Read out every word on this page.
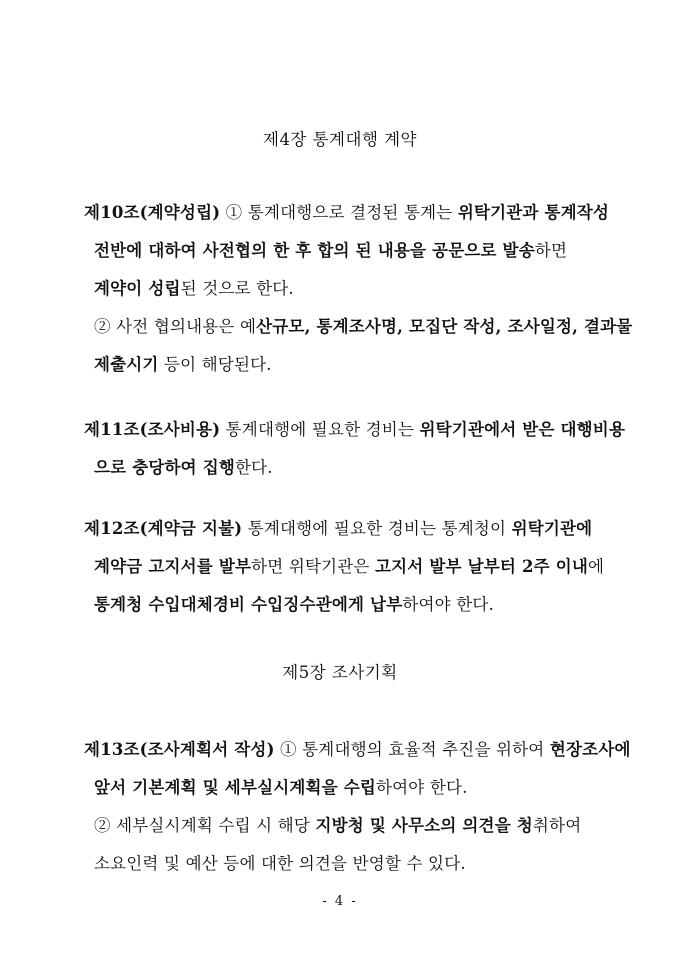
제4장 통계대행 계약
제10조(계약성립) ① 통계대행으로 결정된 통계는 위탁기관과 통계작성
전반에 대하여 사전협의 한 후 합의 된 내용을 공문으로 발송하면
계약이 성립된 것으로 한다.
② 사전 협의내용은 예산규모, 통계조사명, 모집단 작성, 조사일정, 결과물
제출시기 등이 해당된다.
제11조(조사비용) 통계대행에 필요한 경비는 위탁기관에서 받은 대행비용
으로 충당하여 집행한다.
제12조(계약금 지불) 통계대행에 필요한 경비는 통계청이 위탁기관에
계약금 고지서를 발부하면 위탁기관은 고지서 발부 날부터 2주 이내에
통계청 수입대체경비 수입징수관에게 납부하여야 한다.
제5장 조사기획
제13조(조사계획서 작성) ① 통계대행의 효율적 추진을 위하여 현장조사에
앞서 기본계획 및 세부실시계획을 수립하여야 한다.
② 세부실시계획 수립 시 해당 지방청 및 사무소의 의견을 청취하여
소요인력 및 예산 등에 대한 의견을 반영할 수 있다.
- 4 -
